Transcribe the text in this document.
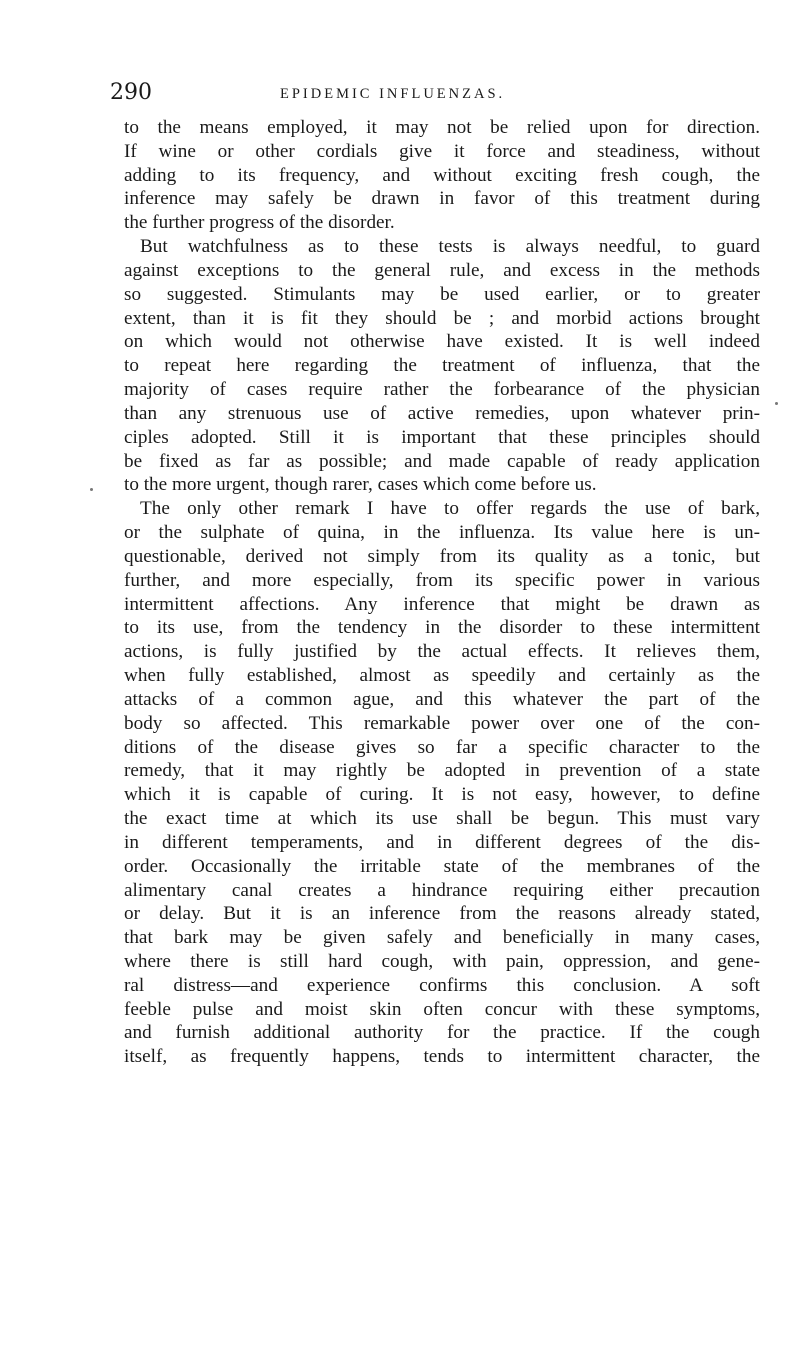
290	EPIDEMIC INFLUENZAS.
to the means employed, it may not be relied upon for direction.
If wine or other cordials give it force and steadiness, without
adding to its frequency, and without exciting fresh cough, the
inference may safely be drawn in favor of this treatment during
the further progress of the disorder.
But watchfulness as to these tests is always needful, to guard
against exceptions to the general rule, and excess in the methods
so suggested. Stimulants may be used earlier, or to greater
extent, than it is fit they should be ; and morbid actions brought
on which would not otherwise have existed. It is well indeed
to repeat here regarding the treatment of influenza, that the
majority of cases require rather the forbearance of the physician
than any strenuous use of active remedies, upon whatever prin-
ciples adopted. Still it is important that these principles should
be fixed as far as possible; and made capable of ready application
to the more urgent, though rarer, cases which come before us.
The only other remark I have to offer regards the use of bark,
or the sulphate of quina, in the influenza. Its value here is un-
questionable, derived not simply from its quality as a tonic, but
further, and more especially, from its specific power in various
intermittent affections. Any inference that might be drawn as
to its use, from the tendency in the disorder to these intermittent
actions, is fully justified by the actual effects. It relieves them,
when fully established, almost as speedily and certainly as the
attacks of a common ague, and this whatever the part of the
body so affected. This remarkable power over one of the con-
ditions of the disease gives so far a specific character to the
remedy, that it may rightly be adopted in prevention of a state
which it is capable of curing. It is not easy, however, to define
the exact time at which its use shall be begun. This must vary
in different temperaments, and in different degrees of the dis-
order. Occasionally the irritable state of the membranes of the
alimentary canal creates a hindrance requiring either precaution
or delay. But it is an inference from the reasons already stated,
that bark may be given safely and beneficially in many cases,
where there is still hard cough, with pain, oppression, and gene-
ral distress—and experience confirms this conclusion. A soft
feeble pulse and moist skin often concur with these symptoms,
and furnish additional authority for the practice. If the cough
itself, as frequently happens, tends to intermittent character, the
